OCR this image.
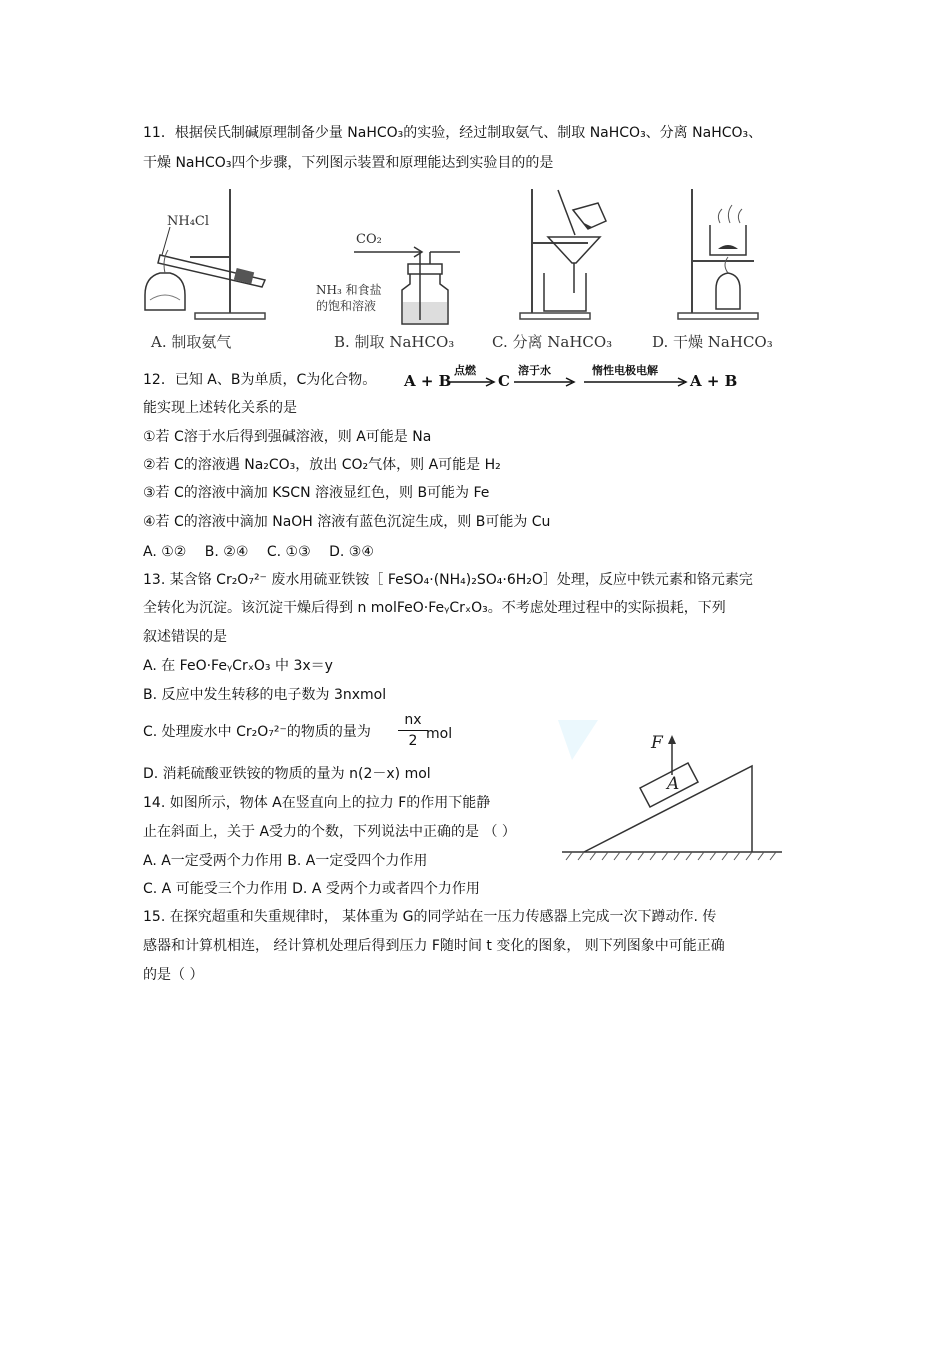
11．根据侯氏制碱原理制备少量 NaHCO₃的实验，经过制取氨气、制取 NaHCO₃、分离 NaHCO₃、
干燥 NaHCO₃四个步骤，下列图示装置和原理能达到实验目的的是
NH₄Cl
CO₂
NH₃ 和食盐
的饱和溶液
A. 制取氨气	B. 制取 NaHCO₃	C. 分离 NaHCO₃	D. 干燥 NaHCO₃
12．已知 A、B为单质，C为化合物。 A + B
点燃
C
溶于水	惰性电极电解
A + B
能实现上述转化关系的是
①若 C溶于水后得到强碱溶液，则 A可能是 Na
②若 C的溶液遇 Na₂CO₃，放出 CO₂气体，则 A可能是 H₂
③若 C的溶液中滴加 KSCN 溶液显红色，则 B可能为 Fe
④若 C的溶液中滴加 NaOH 溶液有蓝色沉淀生成，则 B可能为 Cu
A. ①② B. ②④ C. ①③ D. ③④
13. 某含铬 Cr₂O₇²⁻ 废水用硫亚铁铵［ FeSO₄·(NH₄)₂SO₄·6H₂O］处理，反应中铁元素和铬元素完
全转化为沉淀。该沉淀干燥后得到 n molFeO·FeᵧCrₓO₃。不考虑处理过程中的实际损耗，下列
叙述错误的是
A. 在 FeO·FeᵧCrₓO₃ 中 3x＝y
B. 反应中发生转移的电子数为 3nxmol
C. 处理废水中 Cr₂O₇²⁻的物质的量为
nx
2 mol
D. 消耗硫酸亚铁铵的物质的量为 n(2－x) mol
14. 如图所示，物体 A在竖直向上的拉力 F的作用下能静
止在斜面上，关于 A受力的个数，下列说法中正确的是 （ ）
A. A一定受两个力作用 B. A一定受四个力作用
C. A 可能受三个力作用 D. A 受两个力或者四个力作用
F
A
15. 在探究超重和失重规律时， 某体重为 G的同学站在一压力传感器上完成一次下蹲动作. 传
感器和计算机相连， 经计算机处理后得到压力 F随时间 t 变化的图象， 则下列图象中可能正确
的是（ ）
